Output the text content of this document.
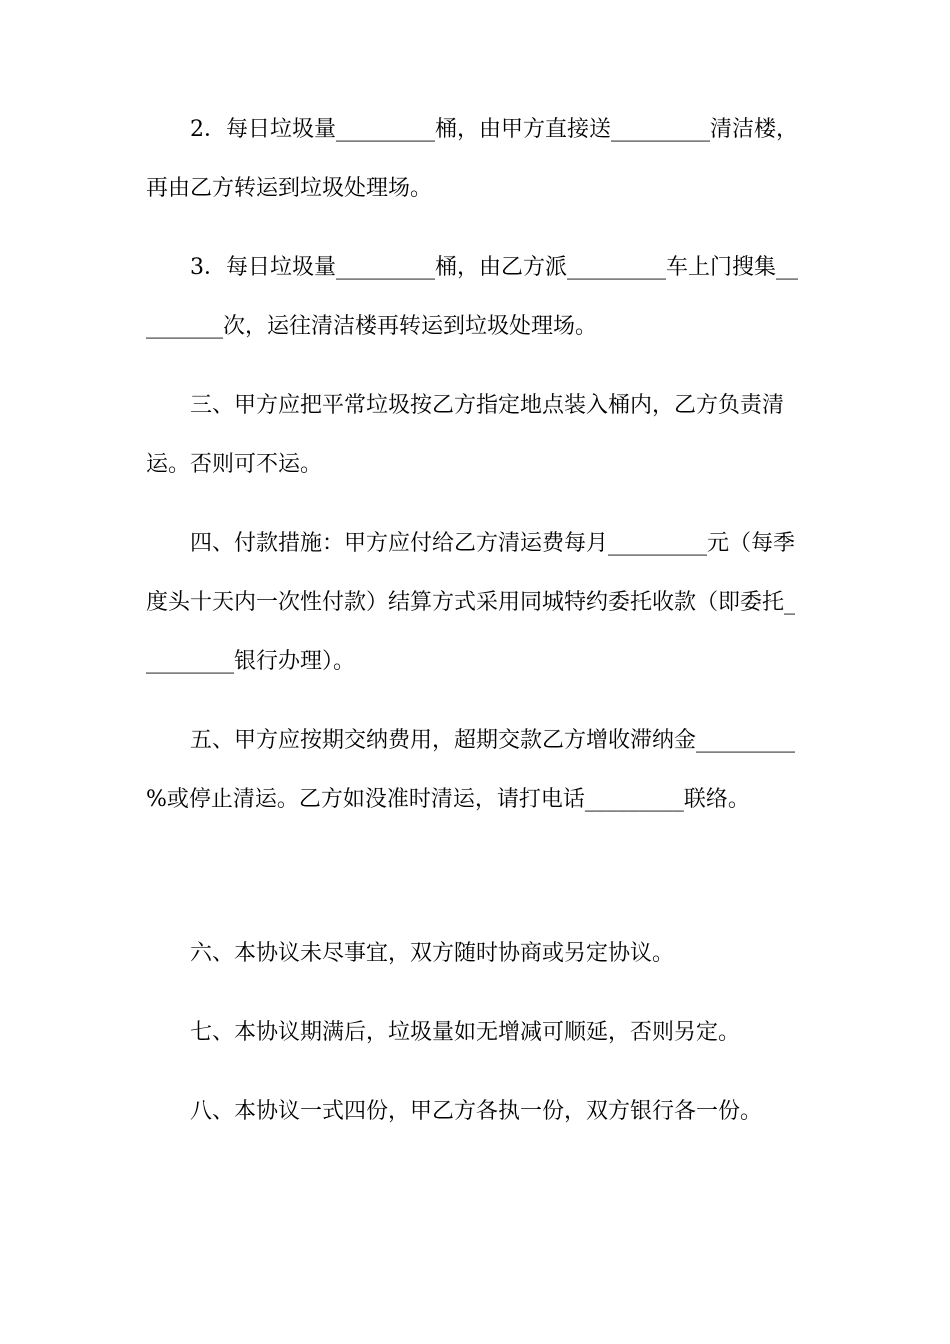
2．每日垃圾量_________桶，由甲方直接送_________清洁楼，
再由乙方转运到垃圾处理场。
3．每日垃圾量_________桶，由乙方派_________车上门搜集__
_______次，运往清洁楼再转运到垃圾处理场。
三、甲方应把平常垃圾按乙方指定地点装入桶内，乙方负责清
运。否则可不运。
四、付款措施：甲方应付给乙方清运费每月_________元（每季
度头十天内一次性付款）结算方式采用同城特约委托收款（即委托_
________银行办理）。
五、甲方应按期交纳费用，超期交款乙方增收滞纳金_________
%或停止清运。乙方如没准时清运，请打电话_________联络。
六、本协议未尽事宜，双方随时协商或另定协议。
七、本协议期满后，垃圾量如无增减可顺延，否则另定。
八、本协议一式四份，甲乙方各执一份，双方银行各一份。
